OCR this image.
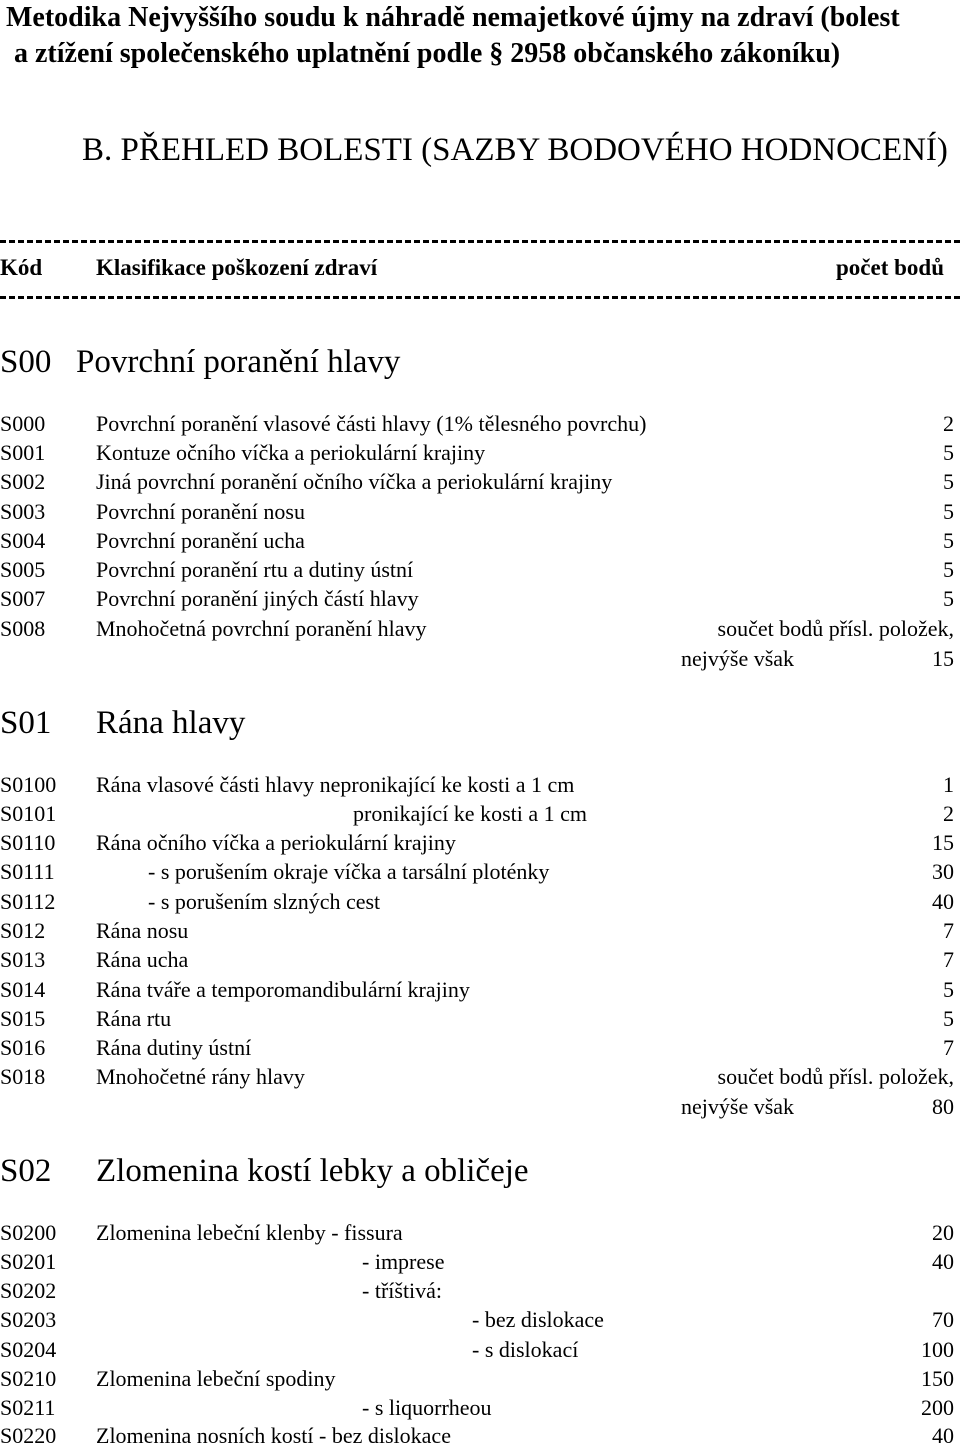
Metodika Nejvyššího soudu k náhradě nemajetkové újmy na zdraví (bolest
a ztížení společenského uplatnění podle § 2958 občanského zákoníku)
B. PŘEHLED BOLESTI (SAZBY BODOVÉHO HODNOCENÍ)
Kód Klasifikace poškození zdraví	počet bodů
S00 Povrchní poranění hlavy
S000 Povrchní poranění vlasové části hlavy (1% tělesného povrchu)	2
S001 Kontuze očního víčka a periokulární krajiny	5
S002 Jiná povrchní poranění očního víčka a periokulární krajiny	5
S003 Povrchní poranění nosu	5
S004 Povrchní poranění ucha	5
S005 Povrchní poranění rtu a dutiny ústní	5
S007 Povrchní poranění jiných částí hlavy	5
S008 Mnohočetná povrchní poranění hlavy	součet bodů přísl. položek,
nejvýše však	15
S01 Rána hlavy
S0100 Rána vlasové části hlavy nepronikající ke kosti a 1 cm	1
S0101	pronikající ke kosti a 1 cm	2
S0110 Rána očního víčka a periokulární krajiny	15
S0111	- s porušením okraje víčka a tarsální ploténky	30
S0112	- s porušením slzných cest	40
S012 Rána nosu	7
S013 Rána ucha	7
S014 Rána tváře a temporomandibulární krajiny	5
S015 Rána rtu	5
S016 Rána dutiny ústní	7
S018 Mnohočetné rány hlavy	součet bodů přísl. položek,
nejvýše však	80
S02 Zlomenina kostí lebky a obličeje
S0200 Zlomenina lebeční klenby - fissura	20
S0201	- imprese	40
S0202	- tříštivá:
S0203	- bez dislokace	70
S0204	- s dislokací	100
S0210 Zlomenina lebeční spodiny	150
S0211	- s liquorrheou	200
S0220 Zlomenina nosních kostí - bez dislokace	40
